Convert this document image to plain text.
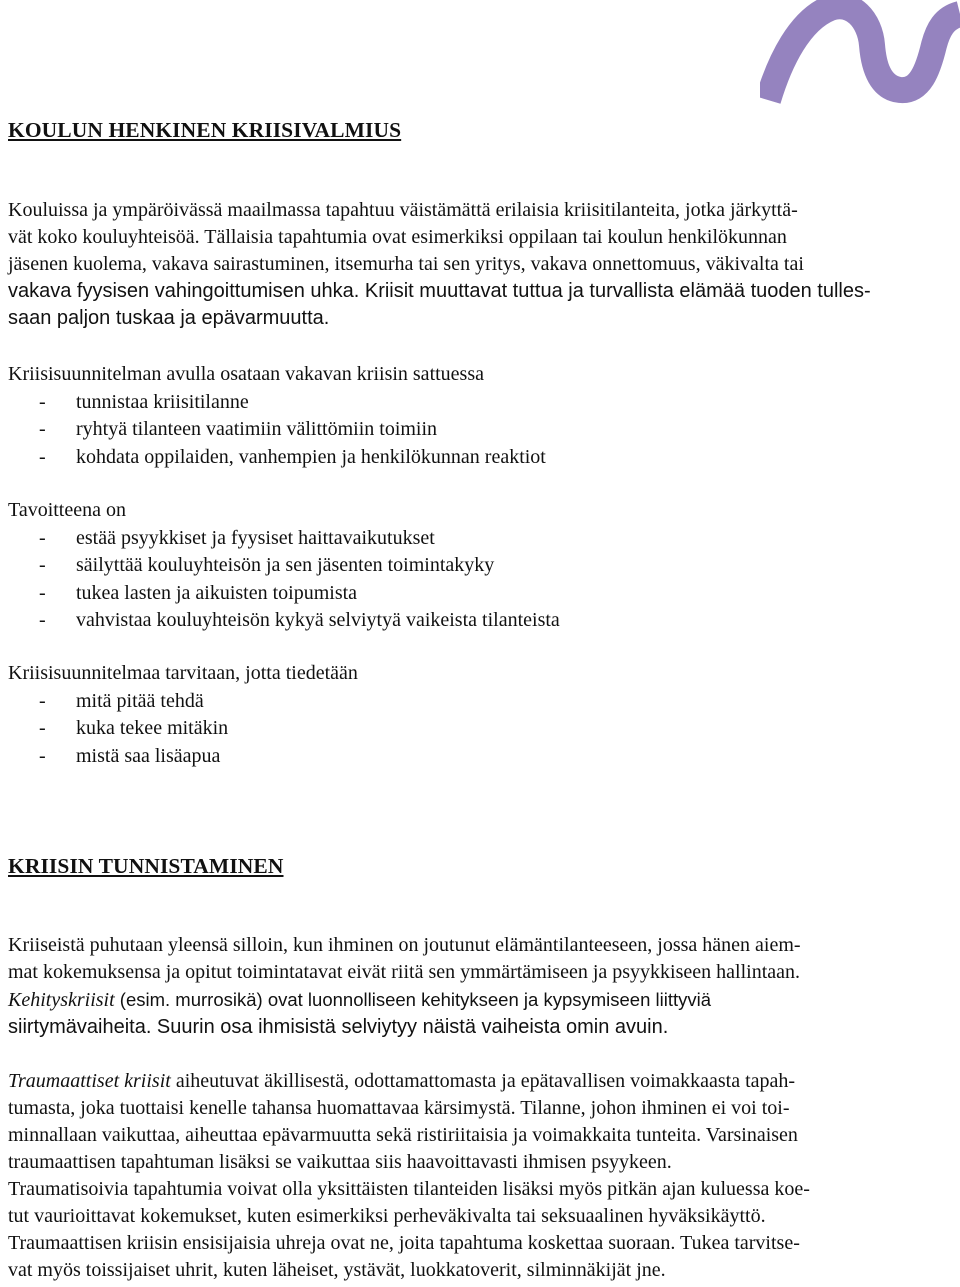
KOULUN HENKINEN KRIISIVALMIUS

Kouluissa ja ympäröivässä maailmassa tapahtuu väistämättä erilaisia kriisitilanteita, jotka järkyttä-

vät koko kouluyhteisöä. Tällaisia tapahtumia ovat esimerkiksi oppilaan tai koulun henkilökunnan

jäsenen kuolema, vakava sairastuminen, itsemurha tai sen yritys, vakava onnettomuus, väkivalta tai

vakava fyysisen vahingoittumisen uhka. Kriisit muuttavat tuttua ja turvallista elämää tuoden tulles-

saan paljon tuskaa ja epävarmuutta.

Kriisisuunnitelman avulla osataan vakavan kriisin sattuessa

- tunnistaa kriisitilanne
- ryhtyä tilanteen vaatimiin välittömiin toimiin
- kohdata oppilaiden, vanhempien ja henkilökunnan reaktiot

Tavoitteena on

- estää psyykkiset ja fyysiset haittavaikutukset
- säilyttää kouluyhteisön ja sen jäsenten toimintakyky
- tukea lasten ja aikuisten toipumista
- vahvistaa kouluyhteisön kykyä selviytyä vaikeista tilanteista

Kriisisuunnitelmaa tarvitaan, jotta tiedetään

- mitä pitää tehdä
- kuka tekee mitäkin
- mistä saa lisäapua
KRIISIN TUNNISTAMINEN

Kriiseistä puhutaan yleensä silloin, kun ihminen on joutunut elämäntilanteeseen, jossa hänen aiem-

mat kokemuksensa ja opitut toimintatavat eivät riitä sen ymmärtämiseen ja psyykkiseen hallintaan.

Kehityskriisit (esim. murrosikä) ovat luonnolliseen kehitykseen ja kypsymiseen liittyviä

siirtymävaiheita. Suurin osa ihmisistä selviytyy näistä vaiheista omin avuin.

Traumaattiset kriisit aiheutuvat äkillisestä, odottamattomasta ja epätavallisen voimakkaasta tapah-

tumasta, joka tuottaisi kenelle tahansa huomattavaa kärsimystä. Tilanne, johon ihminen ei voi toi-

minnallaan vaikuttaa, aiheuttaa epävarmuutta sekä ristiriitaisia ja voimakkaita tunteita. Varsinaisen

traumaattisen tapahtuman lisäksi se vaikuttaa siis haavoittavasti ihmisen psyykeen.

Traumatisoivia tapahtumia voivat olla yksittäisten tilanteiden lisäksi myös pitkän ajan kuluessa koe-

tut vaurioittavat kokemukset, kuten esimerkiksi perheväkivalta tai seksuaalinen hyväksikäyttö.

Traumaattisen kriisin ensisijaisia uhreja ovat ne, joita tapahtuma koskettaa suoraan. Tukea tarvitse-

vat myös toissijaiset uhrit, kuten läheiset, ystävät, luokkatoverit, silminnäkijät jne.
